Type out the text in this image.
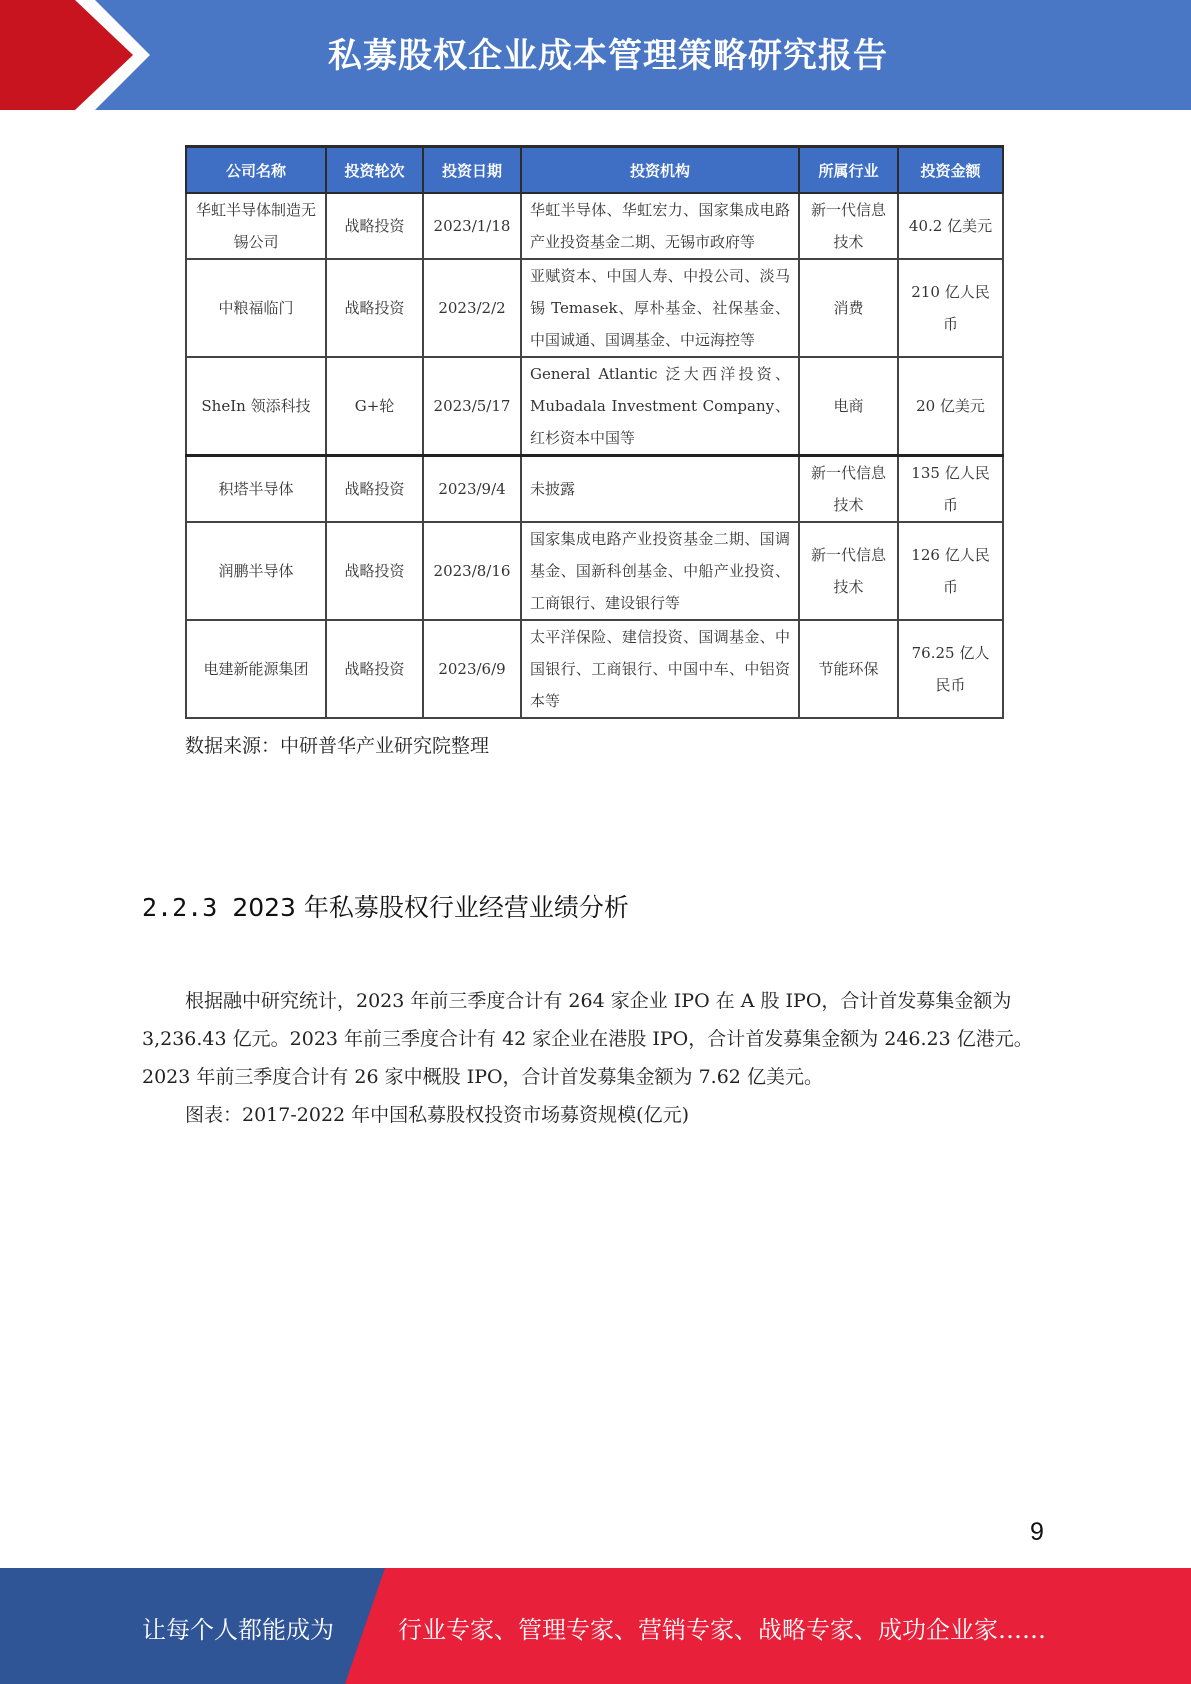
私募股权企业成本管理策略研究报告
公司名称	投资轮次	投资日期	投资机构	所属行业	投资金额
华虹半导体制造无锡公司	战略投资	2023/1/18	华虹半导体、华虹宏力、国家集成电路产业投资基金二期、无锡市政府等	新一代信息技术	40.2 亿美元
中粮福临门	战略投资	2023/2/2	亚赋资本、中国人寿、中投公司、淡马锡 Temasek、厚朴基金、社保基金、中国诚通、国调基金、中远海控等	消费	210 亿人民币
SheIn 领添科技	G+轮	2023/5/17	General Atlantic 泛大西洋投资、Mubadala Investment Company、红杉资本中国等	电商	20 亿美元
积塔半导体	战略投资	2023/9/4	未披露	新一代信息技术	135 亿人民币
润鹏半导体	战略投资	2023/8/16	国家集成电路产业投资基金二期、国调基金、国新科创基金、中船产业投资、工商银行、建设银行等	新一代信息技术	126 亿人民币
电建新能源集团	战略投资	2023/6/9	太平洋保险、建信投资、国调基金、中国银行、工商银行、中国中车、中铝资本等	节能环保	76.25 亿人民币
数据来源：中研普华产业研究院整理
2.2.3 2023 年私募股权行业经营业绩分析

根据融中研究统计，2023 年前三季度合计有 264 家企业 IPO 在 A 股 IPO，合计首发募集金额为 3,236.43 亿元。2023 年前三季度合计有 42 家企业在港股 IPO，合计首发募集金额为 246.23 亿港元。2023 年前三季度合计有 26 家中概股 IPO，合计首发募集金额为 7.62 亿美元。

图表：2017-2022 年中国私募股权投资市场募资规模(亿元)

9
让每个人都能成为	行业专家、管理专家、营销专家、战略专家、成功企业家……
